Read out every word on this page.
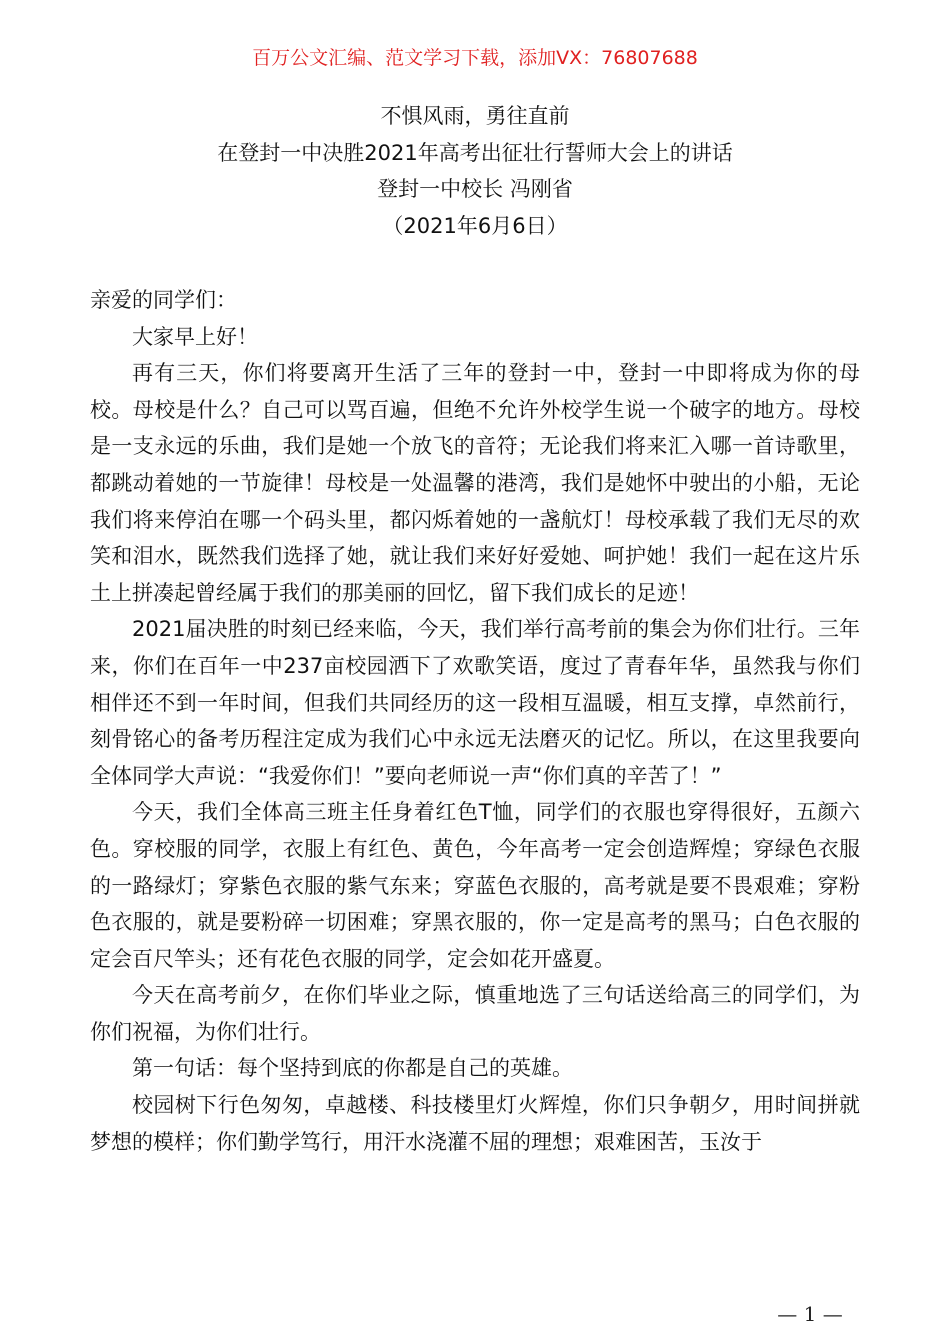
百万公文汇编、范文学习下载，添加VX：76807688
不惧风雨，勇往直前
在登封一中决胜2021年高考出征壮行誓师大会上的讲话
登封一中校长 冯刚省
（2021年6月6日）

亲爱的同学们：

大家早上好！

再有三天，你们将要离开生活了三年的登封一中，登封一中即将成为你的母校。母校是什么？自己可以骂百遍，但绝不允许外校学生说一个破字的地方。母校是一支永远的乐曲，我们是她一个放飞的音符；无论我们将来汇入哪一首诗歌里，都跳动着她的一节旋律！母校是一处温馨的港湾，我们是她怀中驶出的小船，无论我们将来停泊在哪一个码头里，都闪烁着她的一盏航灯！母校承载了我们无尽的欢笑和泪水，既然我们选择了她，就让我们来好好爱她、呵护她！我们一起在这片乐土上拼凑起曾经属于我们的那美丽的回忆，留下我们成长的足迹！

2021届决胜的时刻已经来临，今天，我们举行高考前的集会为你们壮行。三年来，你们在百年一中237亩校园洒下了欢歌笑语，度过了青春年华，虽然我与你们相伴还不到一年时间，但我们共同经历的这一段相互温暖，相互支撑，卓然前行，刻骨铭心的备考历程注定成为我们心中永远无法磨灭的记忆。所以，在这里我要向全体同学大声说：“我爱你们！”要向老师说一声“你们真的辛苦了！”

今天，我们全体高三班主任身着红色T恤，同学们的衣服也穿得很好，五颜六色。穿校服的同学，衣服上有红色、黄色，今年高考一定会创造辉煌；穿绿色衣服的一路绿灯；穿紫色衣服的紫气东来；穿蓝色衣服的，高考就是要不畏艰难；穿粉色衣服的，就是要粉碎一切困难；穿黑衣服的，你一定是高考的黑马；白色衣服的定会百尺竿头；还有花色衣服的同学，定会如花开盛夏。

今天在高考前夕，在你们毕业之际，慎重地选了三句话送给高三的同学们，为你们祝福，为你们壮行。

第一句话：每个坚持到底的你都是自己的英雄。

校园树下行色匆匆，卓越楼、科技楼里灯火辉煌，你们只争朝夕，用时间拼就梦想的模样；你们勤学笃行，用汗水浇灌不屈的理想；艰难困苦，玉汝于

— 1 —
